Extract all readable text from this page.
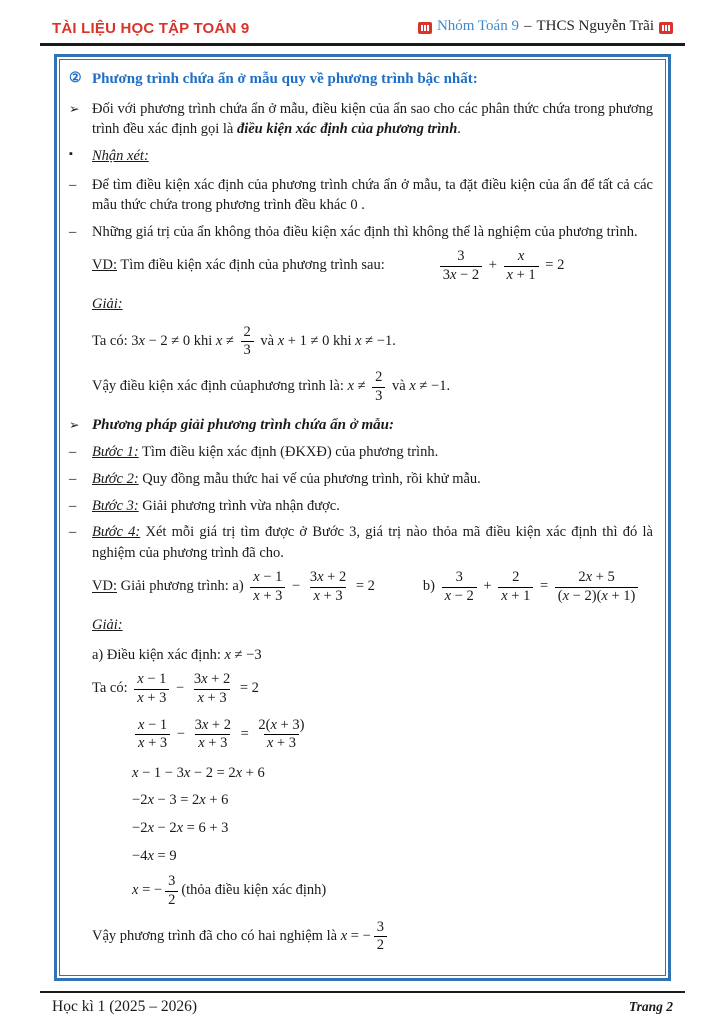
TÀI LIỆU HỌC TẬP TOÁN 9	Nhóm Toán 9 – THCS Nguyễn Trãi
② Phương trình chứa ẩn ở mẫu quy về phương trình bậc nhất:
➢ Đối với phương trình chứa ẩn ở mẫu, điều kiện của ẩn sao cho các phân thức chứa trong phương trình đều xác định gọi là điều kiện xác định của phương trình.
▪	Nhận xét:
–	Để tìm điều kiện xác định của phương trình chứa ẩn ở mẫu, ta đặt điều kiện của ẩn để tất cả các mẫu thức chứa trong phương trình đều khác 0 .
–	Những giá trị của ẩn không thỏa điều kiện xác định thì không thể là nghiệm của phương trình.
VD: Tìm điều kiện xác định của phương trình sau:	$\frac{3}{3x - 2} + \frac{x}{x + 1} = 2$
Giải:
Ta có: 3x − 2 ≠ 0 khi $x \ne \frac{2}{3}$ và x + 1 ≠ 0 khi x ≠ −1.
Vậy điều kiện xác định củaphương trình là: $x \ne \frac{2}{3}$ và x ≠ −1.
➢ Phương pháp giải phương trình chứa ẩn ở mẫu:
–	Bước 1: Tìm điều kiện xác định (ĐKXĐ) của phương trình.
–	Bước 2: Quy đồng mẫu thức hai vế của phương trình, rồi khử mẫu.
–	Bước 3: Giải phương trình vừa nhận được.
–	Bước 4: Xét mỗi giá trị tìm được ở Bước 3, giá trị nào thỏa mã điều kiện xác định thì đó là nghiệm của phương trình đã cho.
VD: Giải phương trình: $a) \frac{x - 1}{x + 3} - \frac{3x + 2}{x + 3} = 2$	$b) \frac{3}{x - 2} + \frac{2}{x + 1} = \frac{2x + 5}{(x - 2)(x + 1)}$
Giải:
a) Điều kiện xác định: x ≠ −3
Ta có: $\frac{x - 1}{x + 3} - \frac{3x + 2}{x + 3} = 2$
$\frac{x - 1}{x + 3} - \frac{3x + 2}{x + 3} = \frac{2(x + 3)}{x + 3}$
x − 1 − 3x − 2 = 2x + 6
−2x − 3 = 2x + 6
−2x − 2x = 6 + 3
−4x = 9
x = − $\frac{3}{2}$ (thỏa điều kiện xác định)
Vậy phương trình đã cho có hai nghiệm là x = − $\frac{3}{2}$
Học kì 1 (2025 – 2026)	Trang 2
